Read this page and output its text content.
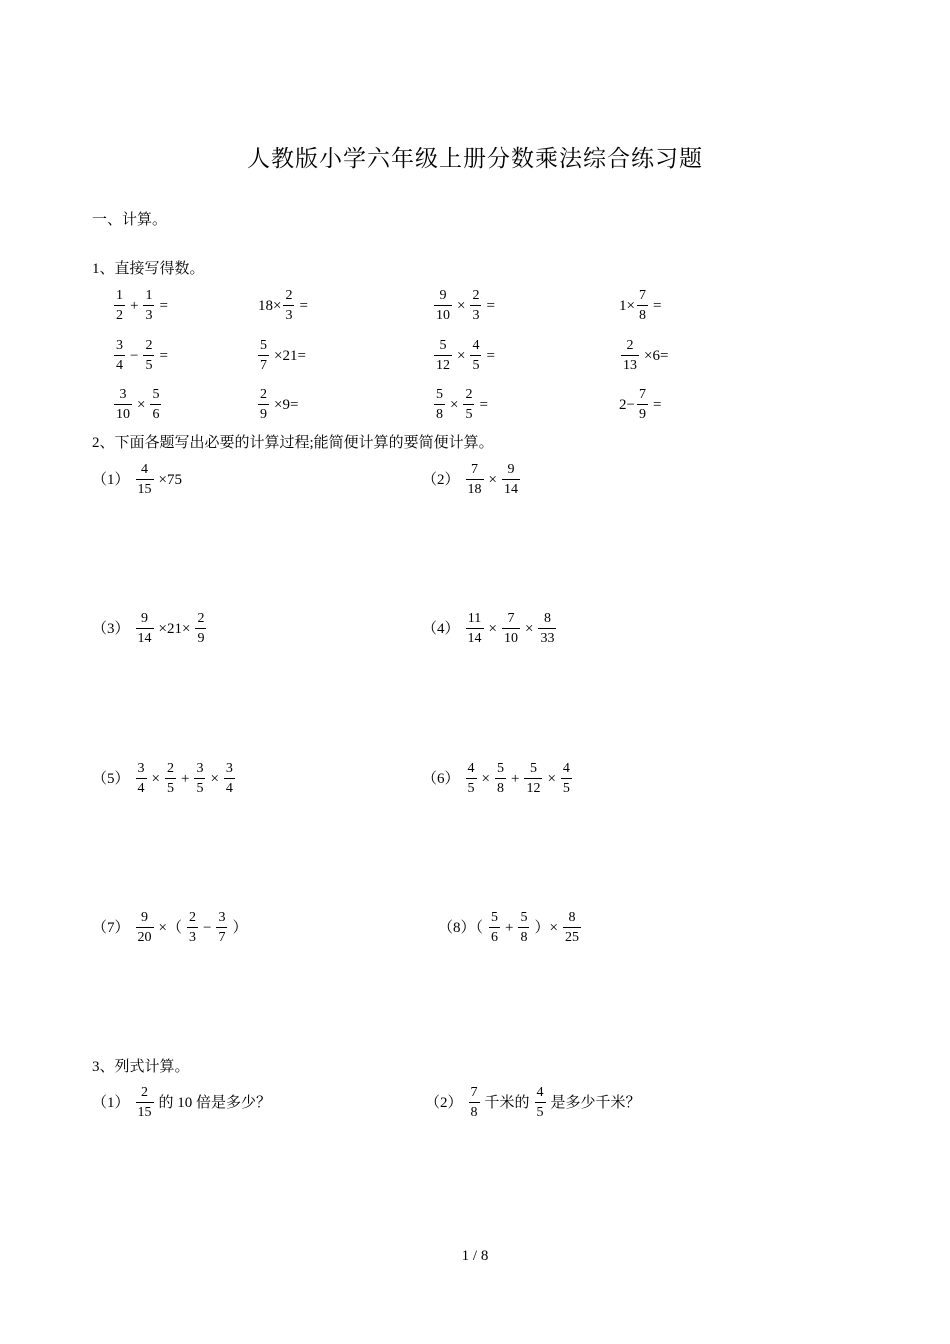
人教版小学六年级上册分数乘法综合练习题
一、计算。
1、直接写得数。
$\frac{1}{2} + \frac{1}{3}$ =	$18\times \frac{2}{3}$ =	$\frac{9}{10} \times \frac{2}{3}$ =	$1\times \frac{7}{8}$ =
$\frac{3}{4} - \frac{2}{5}$ =	$\frac{5}{7} \times 21=$	$\frac{5}{12} \times \frac{4}{5}$ =	$\frac{2}{13} \times 6=$
$\frac{3}{10} \times \frac{5}{6}$	$\frac{2}{9} \times 9=$	$\frac{5}{8} \times \frac{2}{5}$ =	$2- \frac{7}{9}$ =
2、下面各题写出必要的计算过程;能简便计算的要简便计算。
$(1) \frac{4}{15} \times 75$	$(2) \frac{7}{18} \times \frac{9}{14}$
$(3) \frac{9}{14} \times 21\times \frac{2}{9}$	$(4) \frac{11}{14} \times \frac{7}{10} \times \frac{8}{33}$
$(5) \frac{3}{4} \times \frac{2}{5} + \frac{3}{5} \times \frac{3}{4}$	$(6) \frac{4}{5} \times \frac{5}{8} + \frac{5}{12} \times \frac{4}{5}$
$(7) \frac{9}{20}$ ×（ $\frac{2}{3} - \frac{3}{7}$ ）	$(8)( \frac{5}{6} + \frac{5}{8}$ ）× $\frac{8}{25}$
3、列式计算。
$(1) \frac{2}{15}$ 的 10 倍是多少？	$(2) \frac{7}{8}$ 千米的 $\frac{4}{5}$ 是多少千米？
1 / 8
